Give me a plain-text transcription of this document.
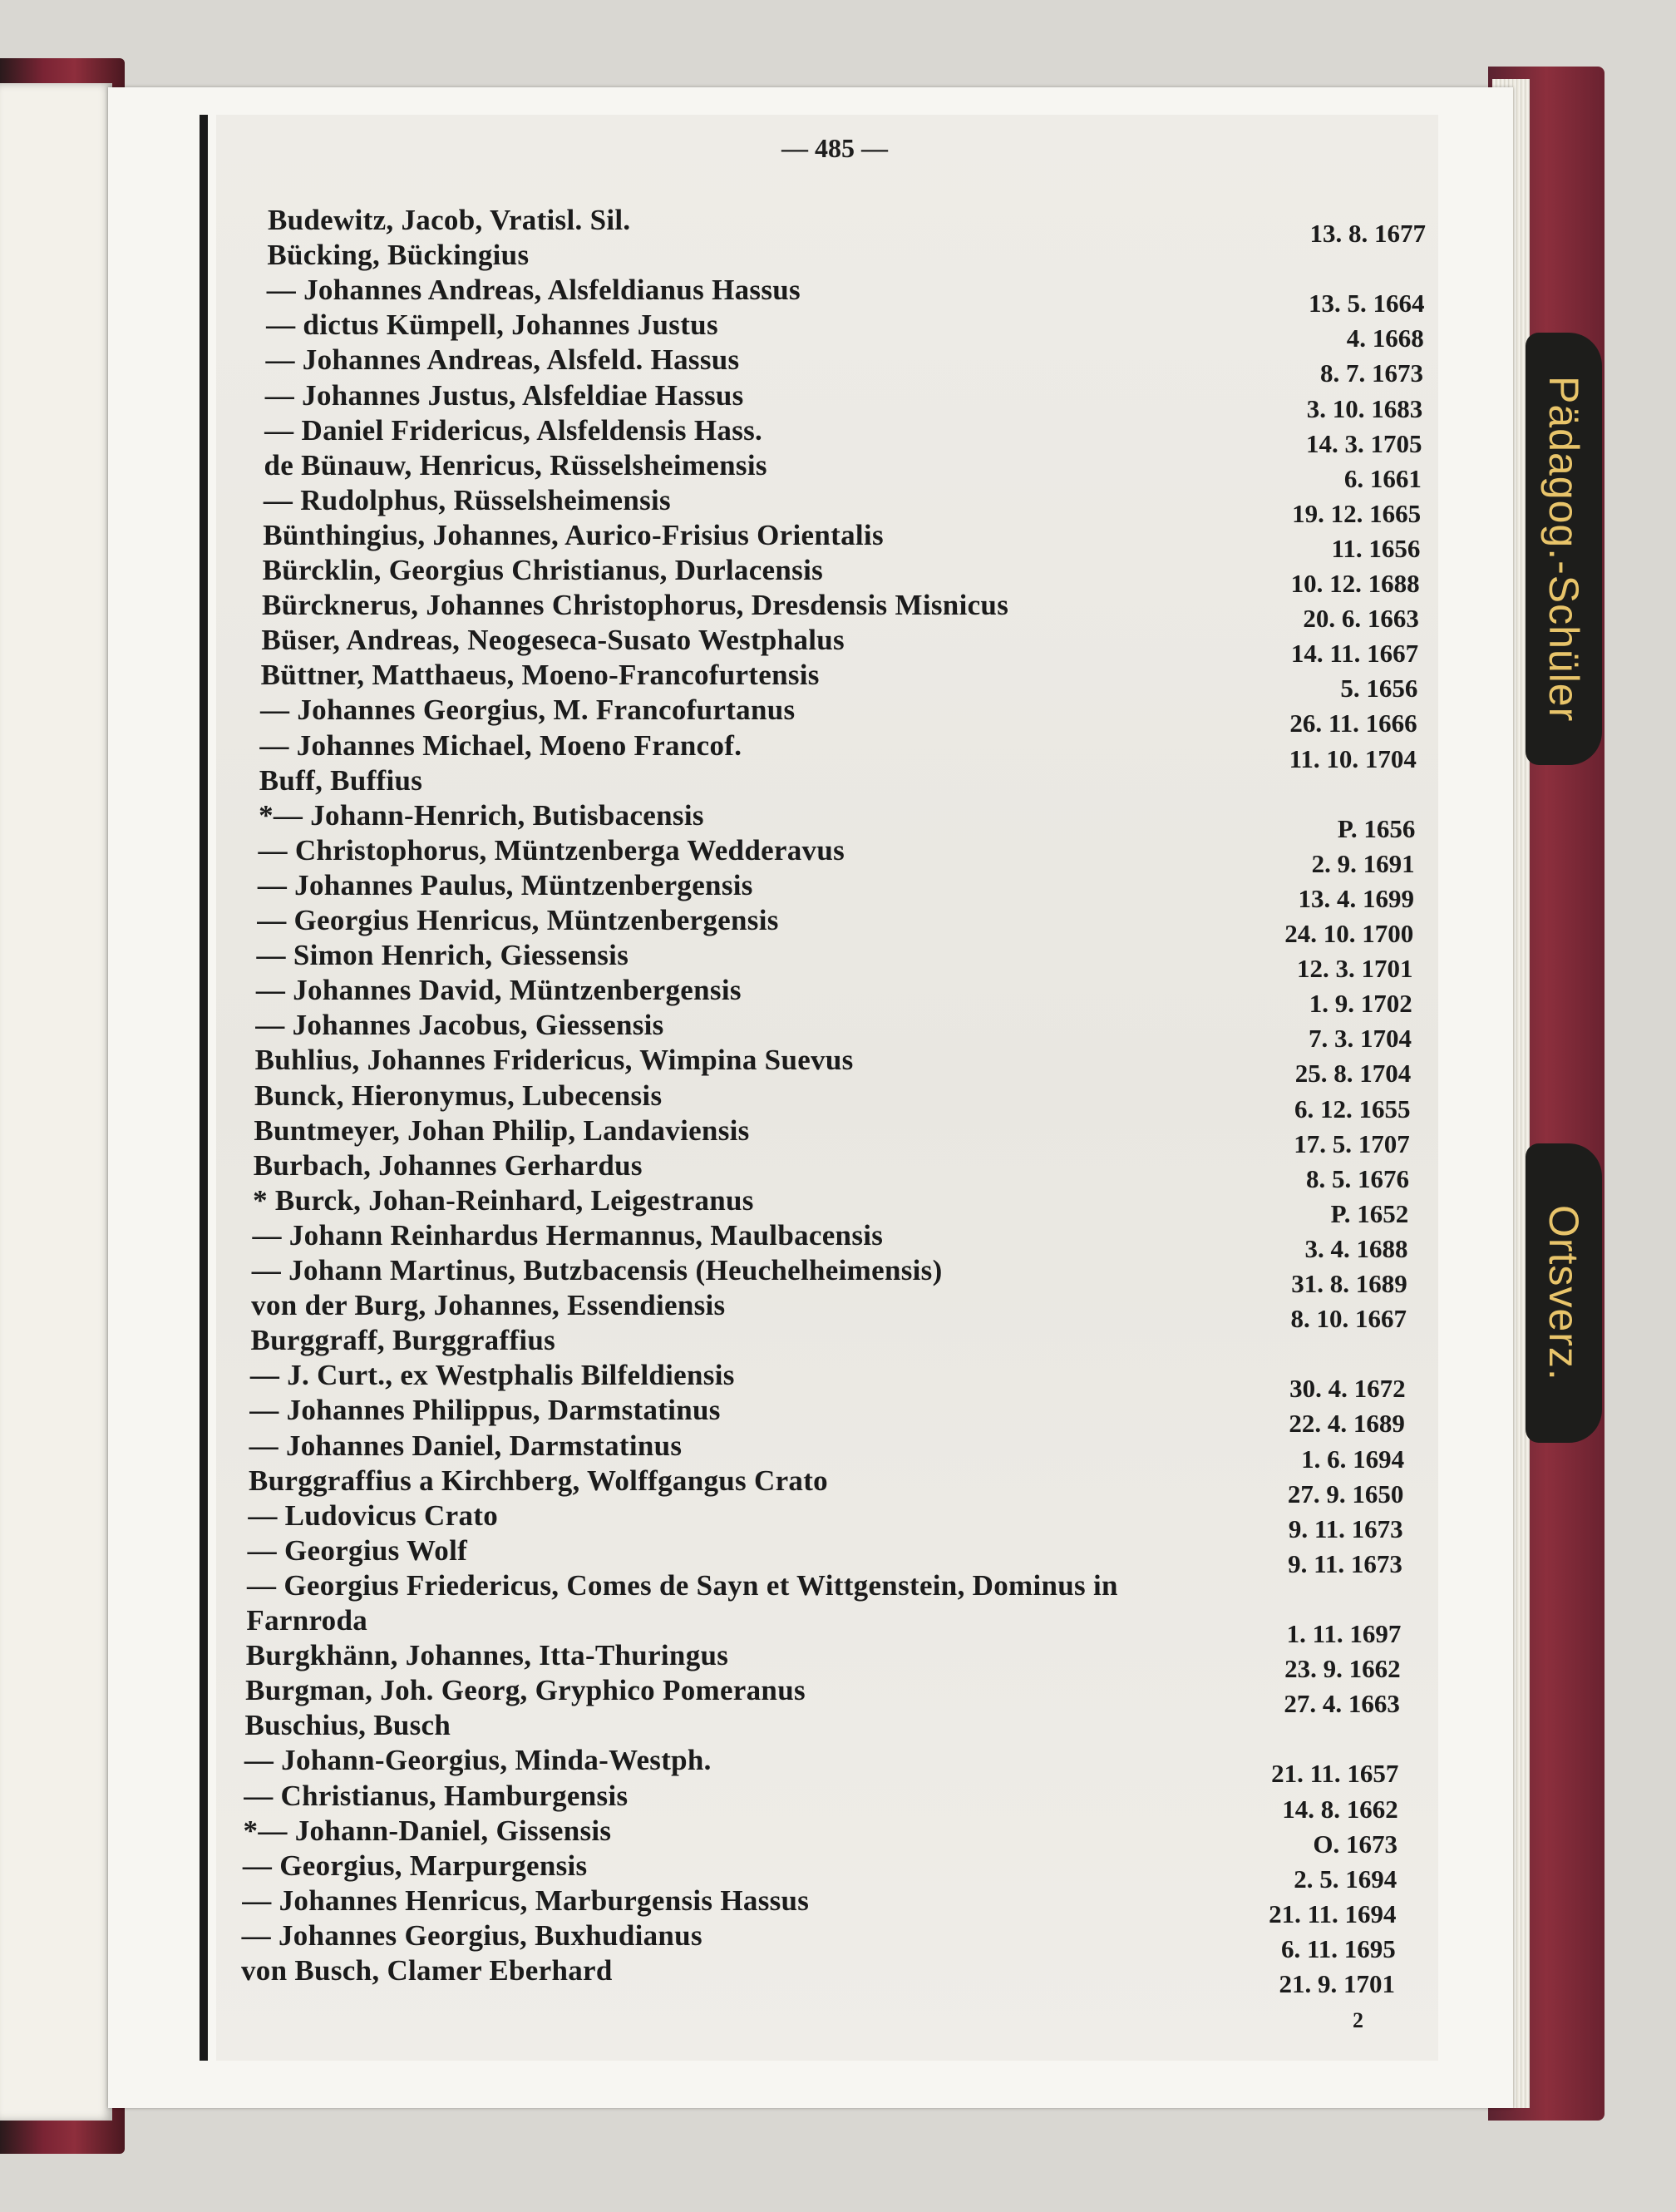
Pädagog.-Schüler
Ortsverz.
— 485 —
Budewitz, Jacob, Vratisl. Sil.	13. 8. 1677
Bücking, Bückingius
— Johannes Andreas, Alsfeldianus Hassus	13. 5. 1664
— dictus Kümpell, Johannes Justus	4. 1668
— Johannes Andreas, Alsfeld. Hassus	8. 7. 1673
— Johannes Justus, Alsfeldiae Hassus	3. 10. 1683
— Daniel Fridericus, Alsfeldensis Hass.	14. 3. 1705
de Bünauw, Henricus, Rüsselsheimensis	6. 1661
— Rudolphus, Rüsselsheimensis	19. 12. 1665
Bünthingius, Johannes, Aurico-Frisius Orientalis	11. 1656
Bürcklin, Georgius Christianus, Durlacensis	10. 12. 1688
Bürcknerus, Johannes Christophorus, Dresdensis Misnicus	20. 6. 1663
Büser, Andreas, Neogeseca-Susato Westphalus	14. 11. 1667
Büttner, Matthaeus, Moeno-Francofurtensis	5. 1656
— Johannes Georgius, M. Francofurtanus	26. 11. 1666
— Johannes Michael, Moeno Francof.	11. 10. 1704
Buff, Buffius
*— Johann-Henrich, Butisbacensis	P. 1656
— Christophorus, Müntzenberga Wedderavus	2. 9. 1691
— Johannes Paulus, Müntzenbergensis	13. 4. 1699
— Georgius Henricus, Müntzenbergensis	24. 10. 1700
— Simon Henrich, Giessensis	12. 3. 1701
— Johannes David, Müntzenbergensis	1. 9. 1702
— Johannes Jacobus, Giessensis	7. 3. 1704
Buhlius, Johannes Fridericus, Wimpina Suevus	25. 8. 1704
Bunck, Hieronymus, Lubecensis	6. 12. 1655
Buntmeyer, Johan Philip, Landaviensis	17. 5. 1707
Burbach, Johannes Gerhardus	8. 5. 1676
* Burck, Johan-Reinhard, Leigestranus	P. 1652
— Johann Reinhardus Hermannus, Maulbacensis	3. 4. 1688
— Johann Martinus, Butzbacensis (Heuchelheimensis)	31. 8. 1689
von der Burg, Johannes, Essendiensis	8. 10. 1667
Burggraff, Burggraffius
— J. Curt., ex Westphalis Bilfeldiensis	30. 4. 1672
— Johannes Philippus, Darmstatinus	22. 4. 1689
— Johannes Daniel, Darmstatinus	1. 6. 1694
Burggraffius a Kirchberg, Wolffgangus Crato	27. 9. 1650
— Ludovicus Crato	9. 11. 1673
— Georgius Wolf	9. 11. 1673
— Georgius Friedericus, Comes de Sayn et Wittgenstein, Dominus in
Farnroda	1. 11. 1697
Burgkhänn, Johannes, Itta-Thuringus	23. 9. 1662
Burgman, Joh. Georg, Gryphico Pomeranus	27. 4. 1663
Buschius, Busch
— Johann-Georgius, Minda-Westph.	21. 11. 1657
— Christianus, Hamburgensis	14. 8. 1662
*— Johann-Daniel, Gissensis	O. 1673
— Georgius, Marpurgensis	2. 5. 1694
— Johannes Henricus, Marburgensis Hassus	21. 11. 1694
— Johannes Georgius, Buxhudianus	6. 11. 1695
von Busch, Clamer Eberhard	21. 9. 1701
2
